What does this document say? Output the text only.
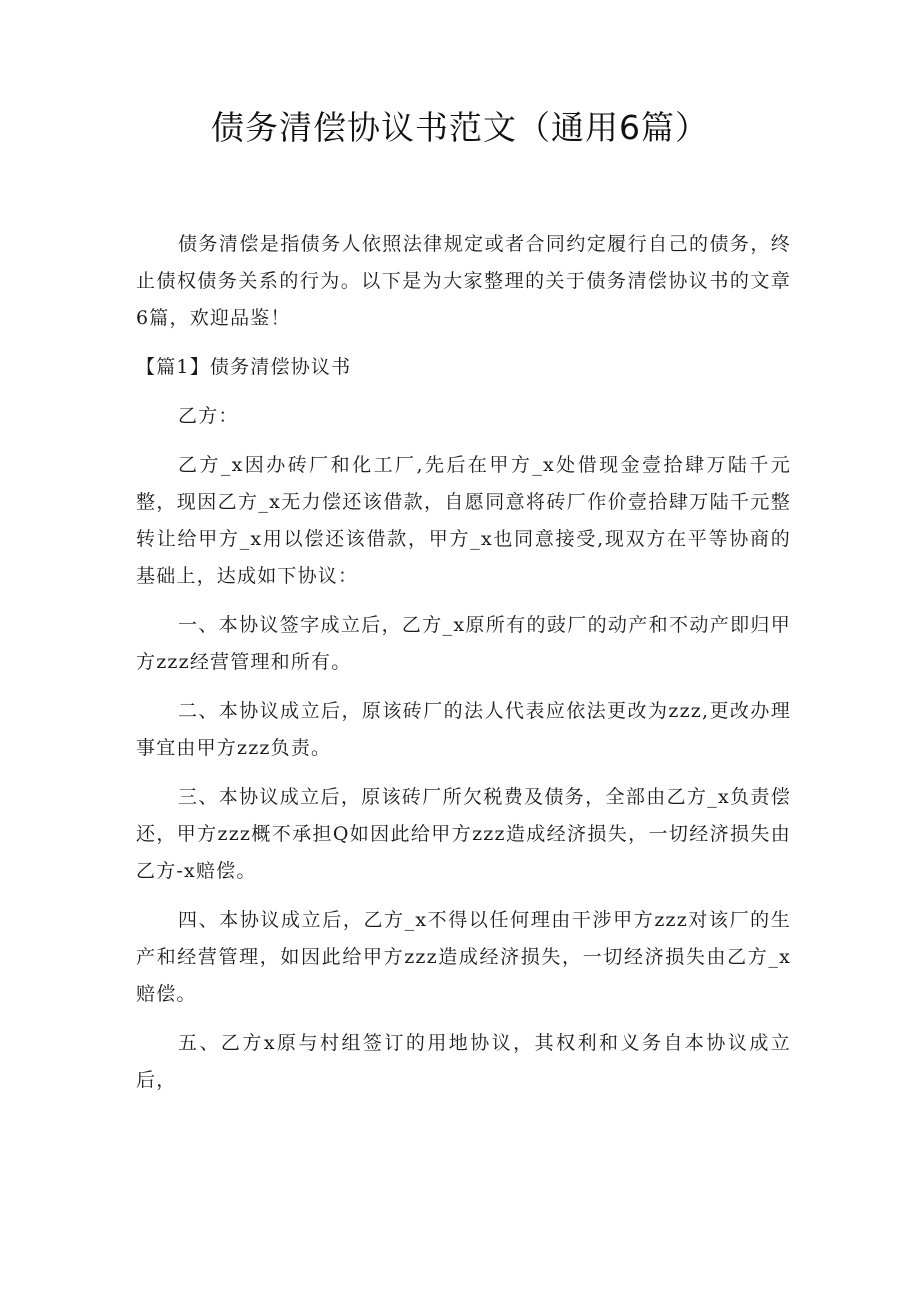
债务清偿协议书范文（通用6篇）

债务清偿是指债务人依照法律规定或者合同约定履行自己的债务，终止债权债务关系的行为。以下是为大家整理的关于债务清偿协议书的文章6篇，欢迎品鉴！

【篇1】债务清偿协议书

乙方：

乙方_x因办砖厂和化工厂,先后在甲方_x处借现金壹拾肆万陆千元整，现因乙方_x无力偿还该借款，自愿同意将砖厂作价壹拾肆万陆千元整转让给甲方_x用以偿还该借款，甲方_x也同意接受,现双方在平等协商的基础上，达成如下协议：

一、本协议签字成立后，乙方_x原所有的豉厂的动产和不动产即归甲方zzz经营管理和所有。

二、本协议成立后，原该砖厂的法人代表应依法更改为zzz,更改办理事宜由甲方zzz负责。

三、本协议成立后，原该砖厂所欠税费及债务，全部由乙方_x负责偿还，甲方zzz概不承担Q如因此给甲方zzz造成经济损失，一切经济损失由乙方-x赔偿。

四、本协议成立后，乙方_x不得以任何理由干涉甲方zzz对该厂的生产和经营管理，如因此给甲方zzz造成经济损失，一切经济损失由乙方_x赔偿。

五、乙方x原与村组签订的用地协议，其权利和义务自本协议成立后，
